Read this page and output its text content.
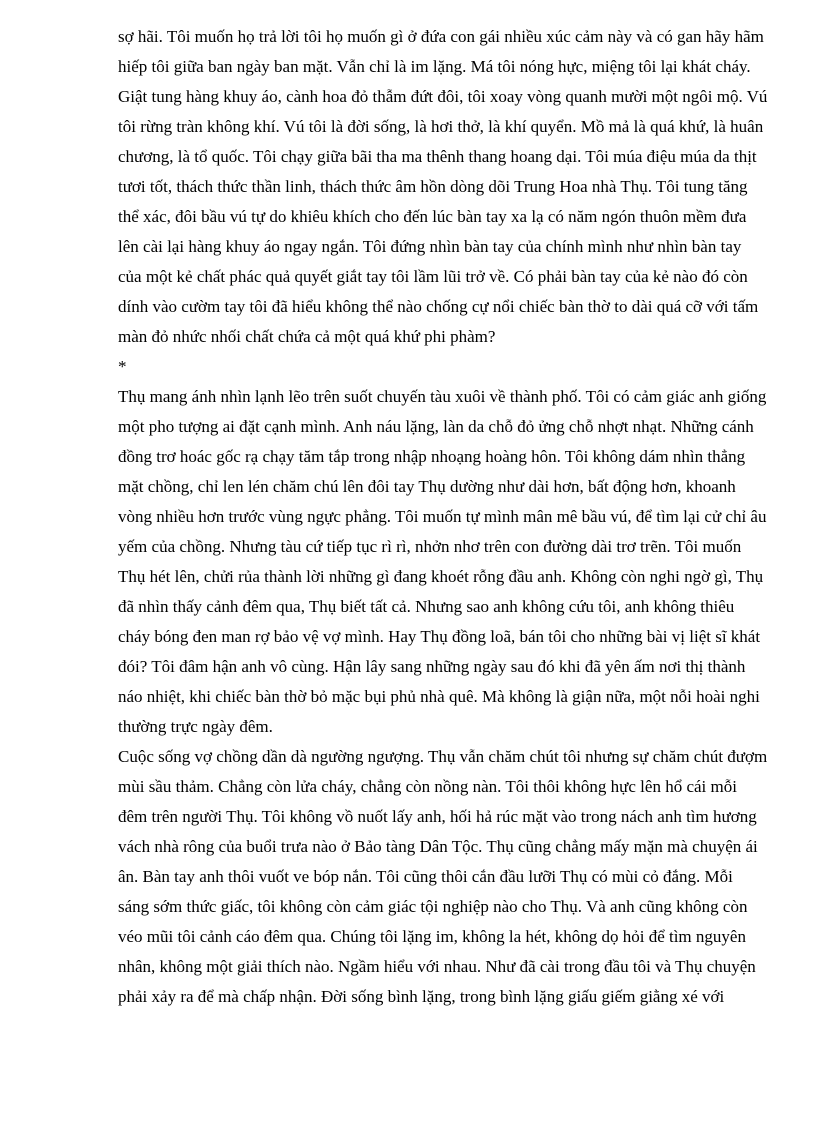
sợ hãi. Tôi muốn họ trả lời tôi họ muốn gì ở đứa con gái nhiều xúc cảm này và có gan hãy hãm
hiếp tôi giữa ban ngày ban mặt. Vẫn chỉ là im lặng. Má tôi nóng hực, miệng tôi lại khát cháy.
Giật tung hàng khuy áo, cành hoa đỏ thẫm đứt đôi, tôi xoay vòng quanh mười một ngôi mộ. Vú
tôi rừng tràn không khí. Vú tôi là đời sống, là hơi thở, là khí quyển. Mồ mả là quá khứ, là huân
chương, là tổ quốc. Tôi chạy giữa bãi tha ma thênh thang hoang dại. Tôi múa điệu múa da thịt
tươi tốt, thách thức thần linh, thách thức âm hồn dòng dõi Trung Hoa nhà Thụ. Tôi tung tăng
thể xác, đôi bầu vú tự do khiêu khích cho đến lúc bàn tay xa lạ có năm ngón thuôn mềm đưa
lên cài lại hàng khuy áo ngay ngắn. Tôi đứng nhìn bàn tay của chính mình như nhìn bàn tay
của một kẻ chất phác quả quyết giắt tay tôi lầm lũi trở về. Có phải bàn tay của kẻ nào đó còn
dính vào cườm tay tôi đã hiểu không thể nào chống cự nổi chiếc bàn thờ to dài quá cỡ với tấm
màn đỏ nhức nhối chất chứa cả một quá khứ phi phàm?
*
Thụ mang ánh nhìn lạnh lẽo trên suốt chuyến tàu xuôi về thành phố. Tôi có cảm giác anh giống
một pho tượng ai đặt cạnh mình. Anh náu lặng, làn da chỗ đỏ ửng chỗ nhợt nhạt. Những cánh
đồng trơ hoác gốc rạ chạy tăm tắp trong nhập nhoạng hoàng hôn. Tôi không dám nhìn thẳng
mặt chồng, chỉ len lén chăm chú lên đôi tay Thụ dường như dài hơn, bất động hơn, khoanh
vòng nhiều hơn trước vùng ngực phẳng. Tôi muốn tự mình mân mê bầu vú, để tìm lại cử chỉ âu
yếm của chồng. Nhưng tàu cứ tiếp tục rì rì, nhởn nhơ trên con đường dài trơ trẽn. Tôi muốn
Thụ hét lên, chửi rủa thành lời những gì đang khoét rỗng đầu anh. Không còn nghi ngờ gì, Thụ
đã nhìn thấy cảnh đêm qua, Thụ biết tất cả. Nhưng sao anh không cứu tôi, anh không thiêu
cháy bóng đen man rợ bảo vệ vợ mình. Hay Thụ đồng loã, bán tôi cho những bài vị liệt sĩ khát
đói? Tôi đâm hận anh vô cùng. Hận lây sang những ngày sau đó khi đã yên ấm nơi thị thành
náo nhiệt, khi chiếc bàn thờ bỏ mặc bụi phủ nhà quê. Mà không là giận nữa, một nỗi hoài nghi
thường trực ngày đêm.
Cuộc sống vợ chồng dần dà ngường ngượng. Thụ vẫn chăm chút tôi nhưng sự chăm chút đượm
mùi sầu thảm. Chẳng còn lửa cháy, chẳng còn nồng nàn. Tôi thôi không hực lên hổ cái mỗi
đêm trên người Thụ. Tôi không vồ nuốt lấy anh, hối hả rúc mặt vào trong nách anh tìm hương
vách nhà rông của buổi trưa nào ở Bảo tàng Dân Tộc. Thụ cũng chẳng mấy mặn mà chuyện ái
ân. Bàn tay anh thôi vuốt ve bóp nắn. Tôi cũng thôi cắn đầu lưỡi Thụ có mùi cỏ đắng. Mỗi
sáng sớm thức giấc, tôi không còn cảm giác tội nghiệp nào cho Thụ. Và anh cũng không còn
véo mũi tôi cảnh cáo đêm qua. Chúng tôi lặng im, không la hét, không dọ hỏi để tìm nguyên
nhân, không một giải thích nào. Ngầm hiểu với nhau. Như đã cài trong đầu tôi và Thụ chuyện
phải xảy ra để mà chấp nhận. Đời sống bình lặng, trong bình lặng giấu giếm giằng xé với
